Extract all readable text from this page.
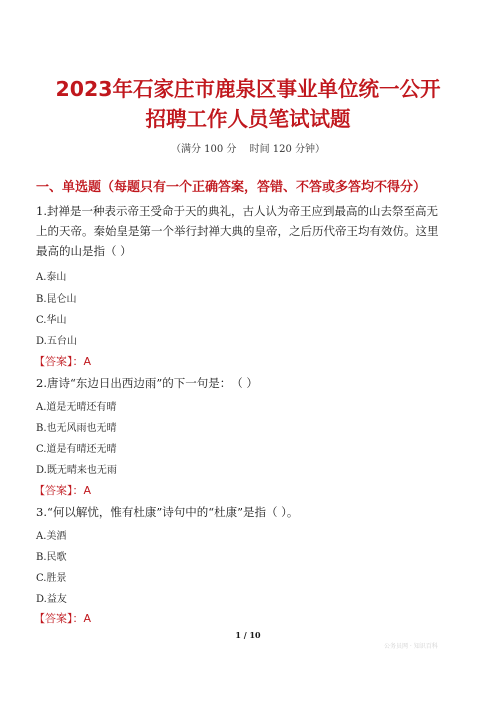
2023年石家庄市鹿泉区事业单位统一公开
招聘工作人员笔试试题
（满分 100 分　 时间 120 分钟）
一、单选题（每题只有一个正确答案，答错、不答或多答均不得分）
1.封禅是一种表示帝王受命于天的典礼，古人认为帝王应到最高的山去祭至高无
上的天帝。秦始皇是第一个举行封禅大典的皇帝，之后历代帝王均有效仿。这里
最高的山是指（ ）
A.泰山
B.昆仑山
C.华山
D.五台山
【答案】：A
2.唐诗“东边日出西边雨”的下一句是：　（ ）
A.道是无晴还有晴
B.也无风雨也无晴
C.道是有晴还无晴
D.既无晴来也无雨
【答案】：A
3.“何以解忧，惟有杜康”诗句中的“杜康”是指（ ）。
A.美酒
B.民歌
C.胜景
D.益友
【答案】：A
1 / 10
公务员网 · 知识百科
